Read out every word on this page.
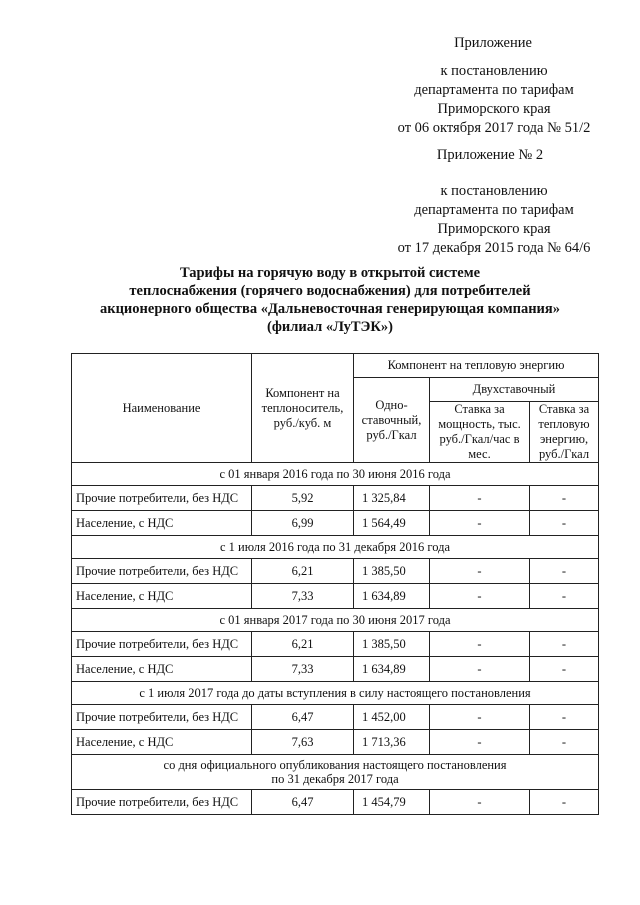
Приложение
к постановлению
департамента по тарифам
Приморского края
от 06 октября 2017 года № 51/2
Приложение № 2
к постановлению
департамента по тарифам
Приморского края
от 17 декабря 2015 года № 64/6
Тарифы на горячую воду в открытой системе
теплоснабжения (горячего водоснабжения) для потребителей
акционерного общества «Дальневосточная генерирующая компания»
(филиал «ЛуТЭК»)
Наименование	Компонент на теплоноситель, руб./куб. м	Компонент на тепловую энергию		
		Одно-ставочный, руб./Гкал	Двухставочный	
			Ставка за мощность, тыс. руб./Гкал/час в мес.	Ставка за тепловую энергию, руб./Гкал
с 01 января 2016 года по 30 июня 2016 года				
Прочие потребители, без НДС	5,92	1 325,84	-	-
Население, с НДС	6,99	1 564,49	-	-
с 1 июля 2016 года по 31 декабря 2016 года				
Прочие потребители, без НДС	6,21	1 385,50	-	-
Население, с НДС	7,33	1 634,89	-	-
с 01 января 2017 года по 30 июня 2017 года				
Прочие потребители, без НДС	6,21	1 385,50	-	-
Население, с НДС	7,33	1 634,89	-	-
с 1 июля 2017 года до даты вступления в силу настоящего постановления				
Прочие потребители, без НДС	6,47	1 452,00	-	-
Население, с НДС	7,63	1 713,36	-	-

со дня официального опубликования настоящего постановления
по 31 декабря 2017 года				

Прочие потребители, без НДС	6,47	1 454,79	-	-
